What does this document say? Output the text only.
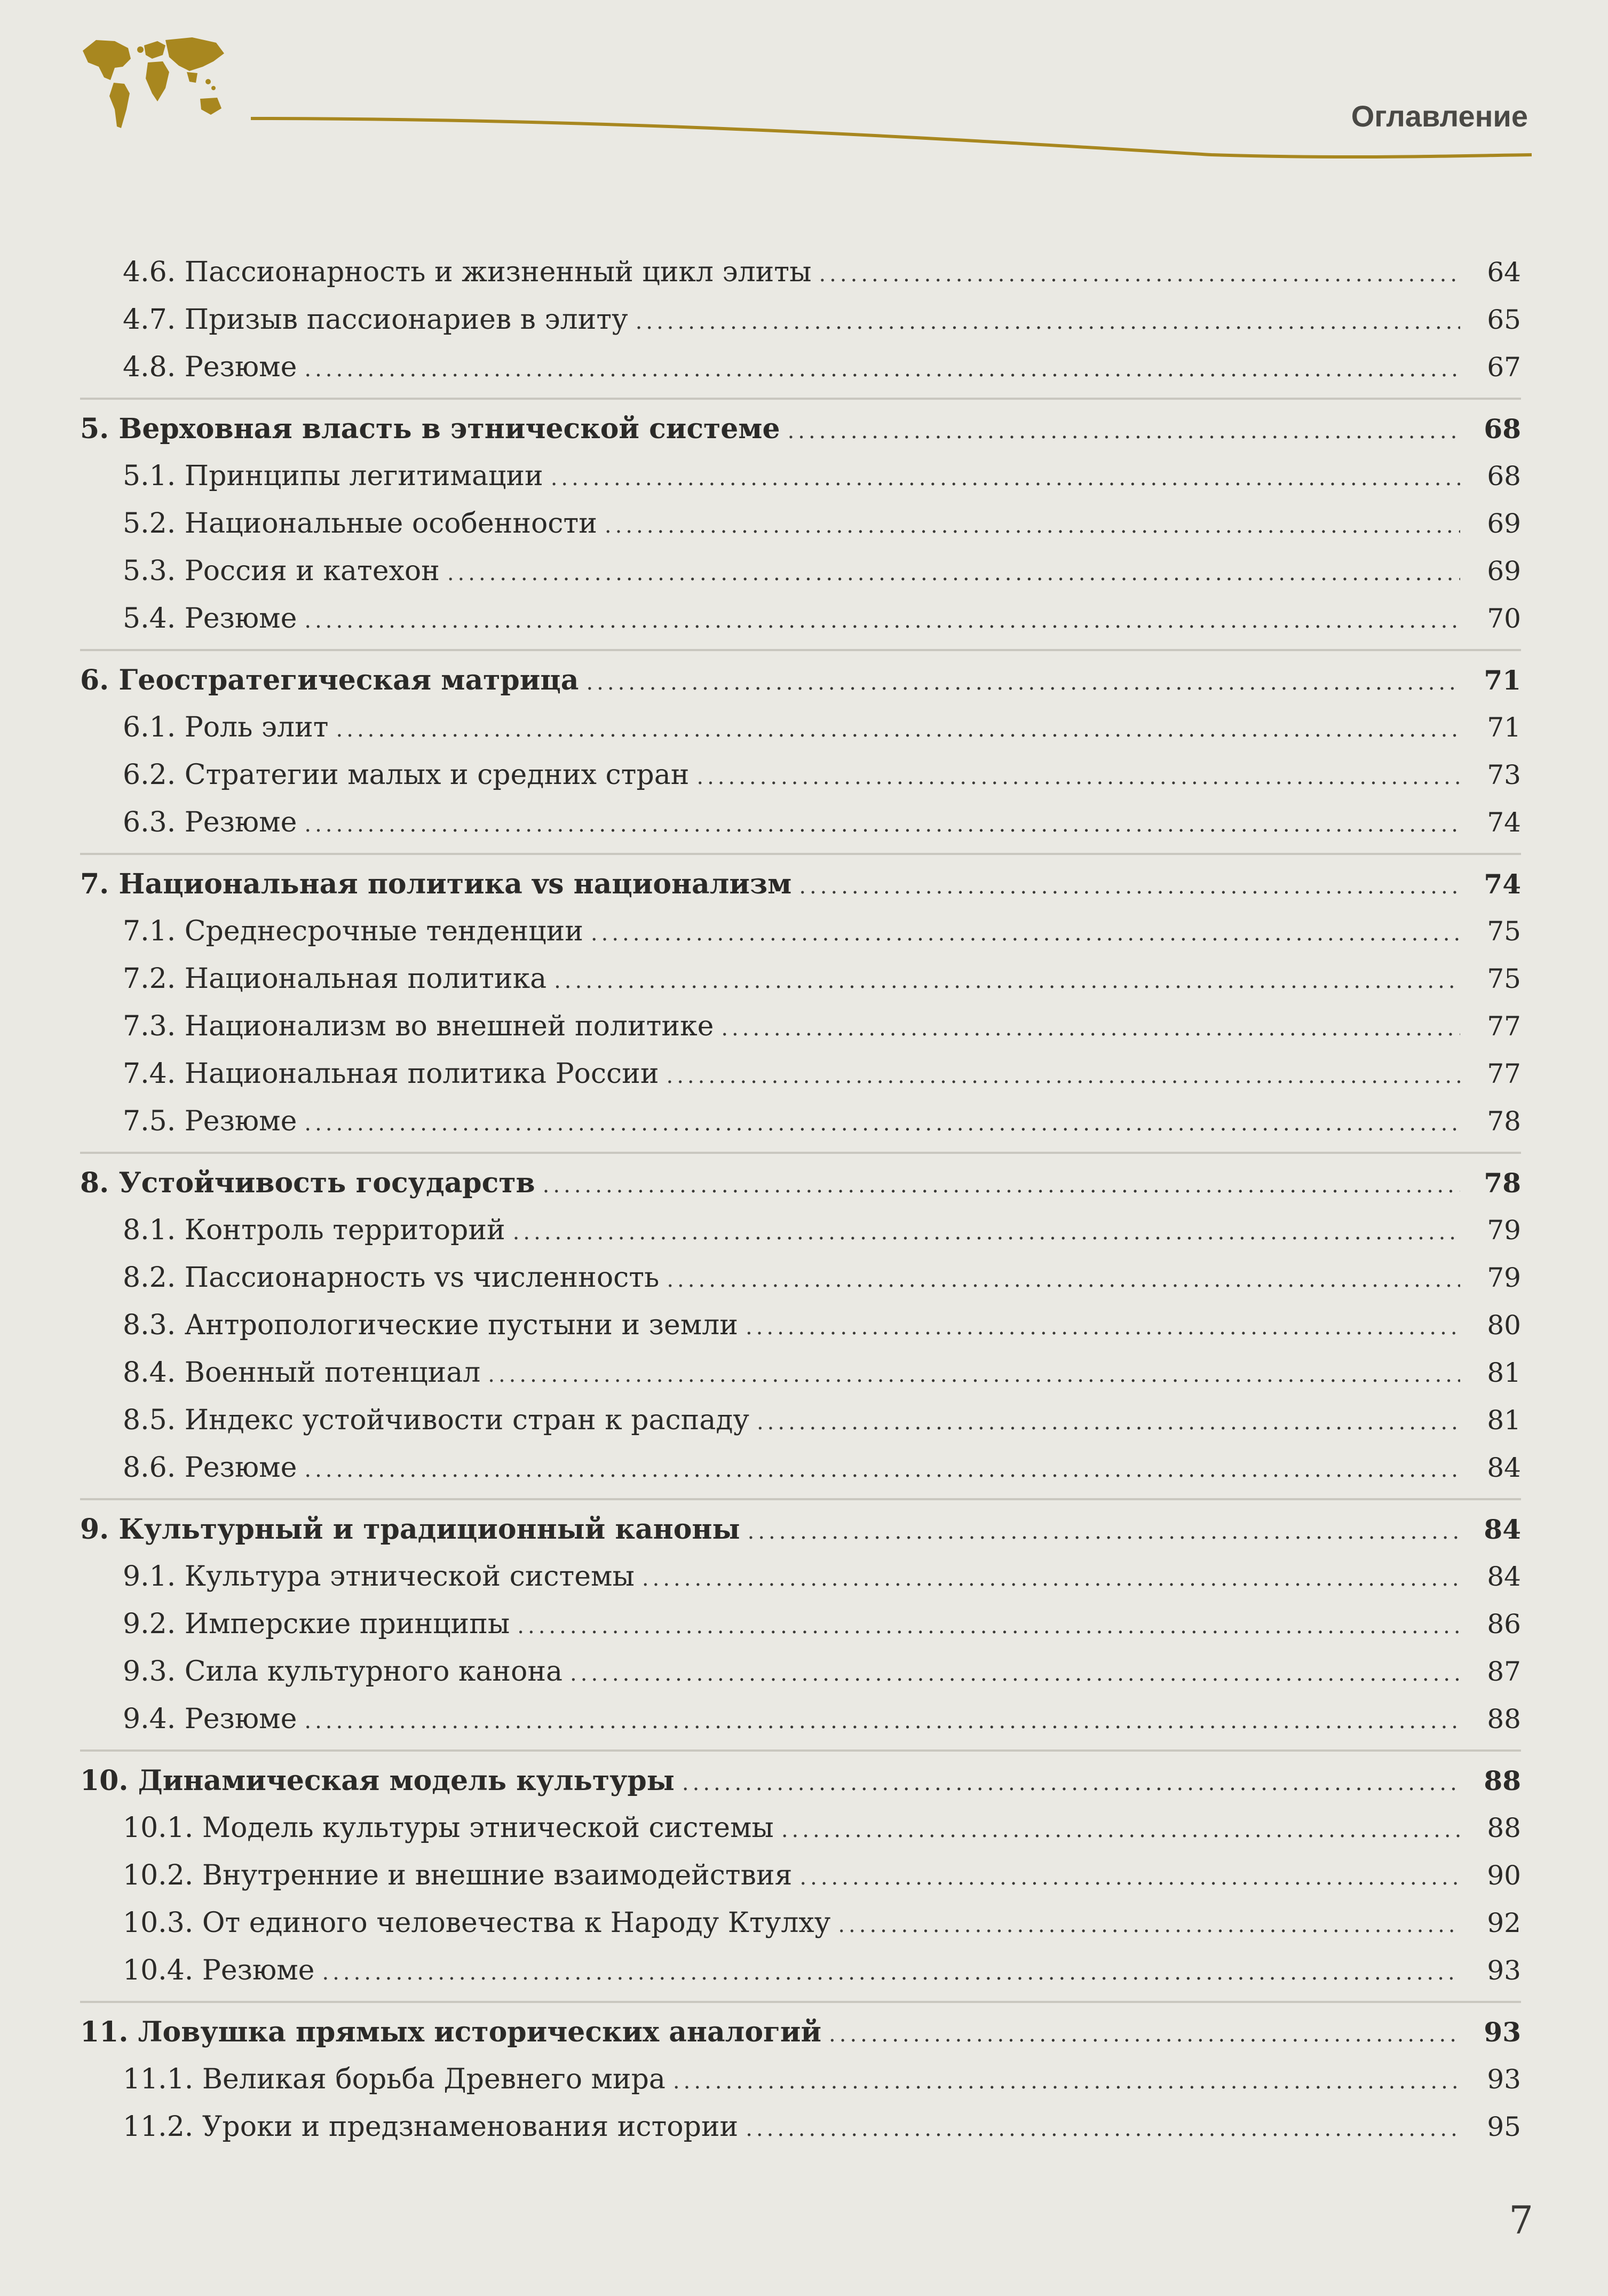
Оглавление
4.6. Пассионарность и жизненный цикл элиты .....	64
4.7. Призыв пассионариев в элиту .....	65
4.8. Резюме .....	67
5. Верховная власть в этнической системе .....	68
5.1. Принципы легитимации .....	68
5.2. Национальные особенности .....	69
5.3. Россия и катехон .....	69
5.4. Резюме .....	70
6. Геостратегическая матрица .....	71
6.1. Роль элит .....	71
6.2. Стратегии малых и средних стран .....	73
6.3. Резюме .....	74
7. Национальная политика vs национализм .....	74
7.1. Среднесрочные тенденции .....	75
7.2. Национальная политика .....	75
7.3. Национализм во внешней политике .....	77
7.4. Национальная политика России .....	77
7.5. Резюме .....	78
8. Устойчивость государств .....	78
8.1. Контроль территорий .....	79
8.2. Пассионарность vs численность .....	79
8.3. Антропологические пустыни и земли .....	80
8.4. Военный потенциал .....	81
8.5. Индекс устойчивости стран к распаду .....	81
8.6. Резюме .....	84
9. Культурный и традиционный каноны .....	84
9.1. Культура этнической системы .....	84
9.2. Имперские принципы .....	86
9.3. Сила культурного канона .....	87
9.4. Резюме .....	88
10. Динамическая модель культуры .....	88
10.1. Модель культуры этнической системы .....	88
10.2. Внутренние и внешние взаимодействия .....	90
10.3. От единого человечества к Народу Ктулху .....	92
10.4. Резюме .....	93
11. Ловушка прямых исторических аналогий .....	93
11.1. Великая борьба Древнего мира .....	93
11.2. Уроки и предзнаменования истории .....	95
7
